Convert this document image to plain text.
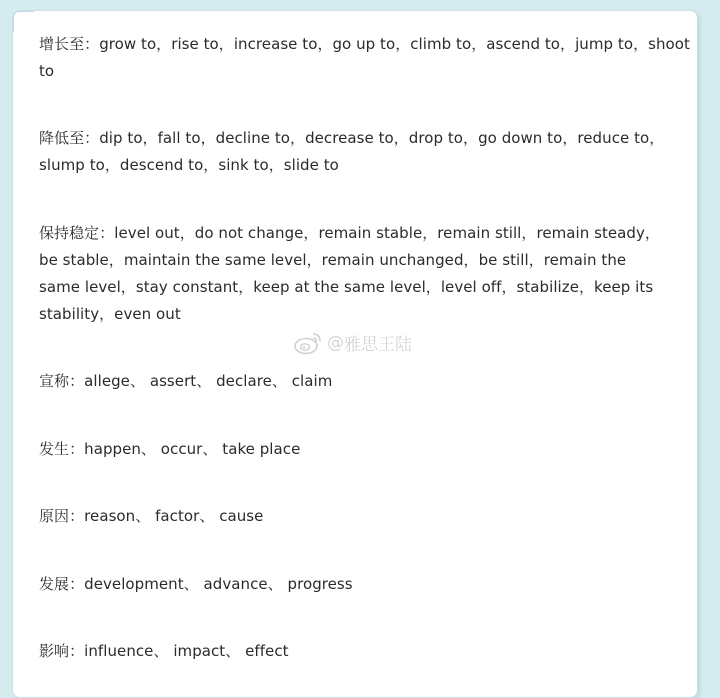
增长至：grow to，rise to，increase to，go up to，climb to，ascend to，jump to，shoot to
降低至：dip to，fall to，decline to，decrease to，drop to，go down to，reduce to，slump to，descend to，sink to，slide to
保持稳定：level out，do not change，remain stable，remain still，remain steady，be stable，maintain the same level，remain unchanged，be still，remain the same level，stay constant，keep at the same level，level off，stabilize，keep its stability，even out
宣称：allege、 assert、 declare、 claim
发生：happen、 occur、 take place
原因：reason、 factor、 cause
发展：development、 advance、 progress
影响：influence、 impact、 effect
@ 雅思王陆
